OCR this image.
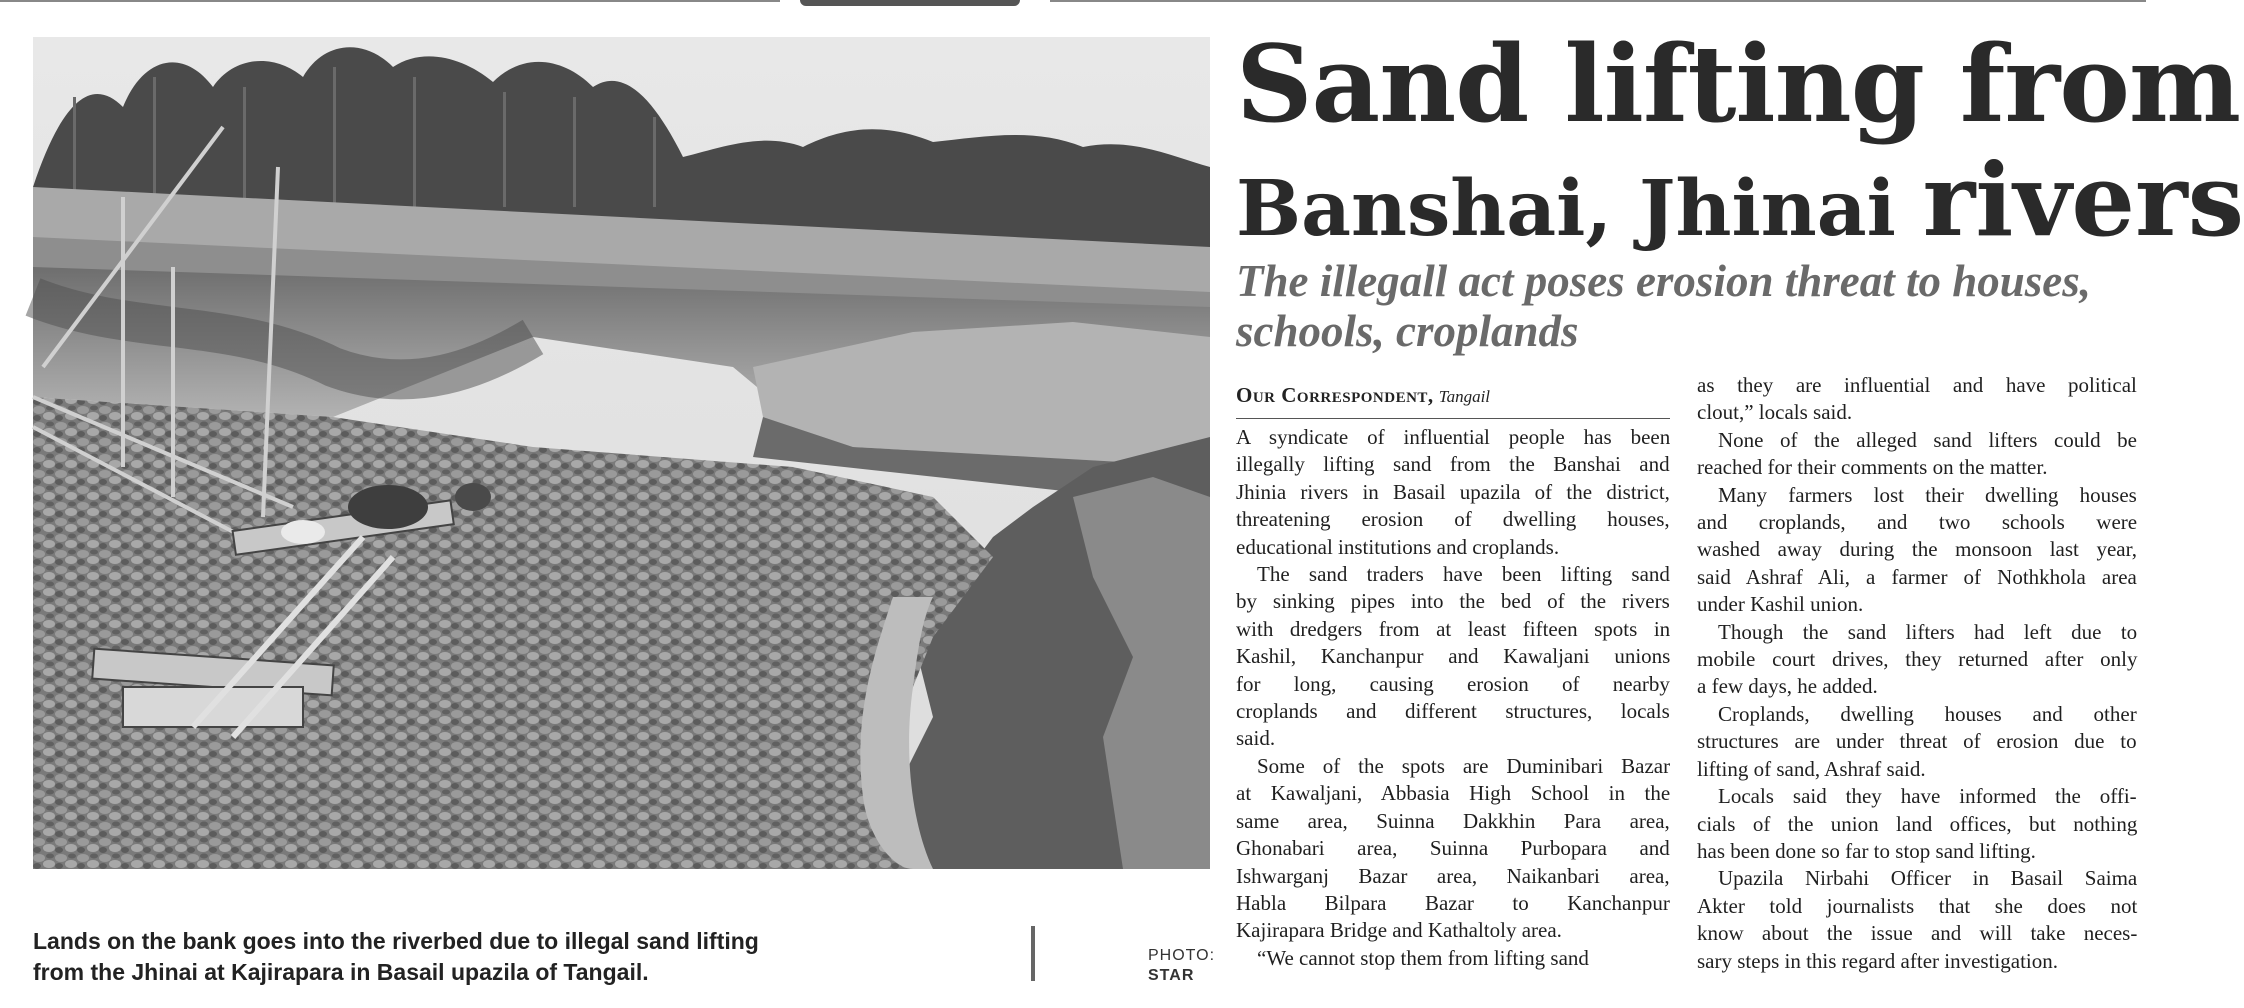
Lands on the bank goes into the riverbed due to illegal sand lifting
from the Jhinai at Kajirapara in Basail upazila of Tangail.
PHOTO:
STAR
Sand lifting from
Banshai, Jhinai rivers
The illegall act poses erosion threat to houses,
schools, croplands
Our Correspondent, Tangail
A syndicate of influential people has been
illegally lifting sand from the Banshai and
Jhinia rivers in Basail upazila of the district,
threatening erosion of dwelling houses,
educational institutions and croplands.
 The sand traders have been lifting sand
by sinking pipes into the bed of the rivers
with dredgers from at least fifteen spots in
Kashil, Kanchanpur and Kawaljani unions
for long, causing erosion of nearby
croplands and different structures, locals
said.
 Some of the spots are Duminibari Bazar
at Kawaljani, Abbasia High School in the
same area, Suinna Dakkhin Para area,
Ghonabari area, Suinna Purbopara and
Ishwarganj Bazar area, Naikanbari area,
Habla Bilpara Bazar to Kanchanpur
Kajirapara Bridge and Kathaltoly area.
 “We cannot stop them from lifting sand
as they are influential and have political
clout,” locals said.
 None of the alleged sand lifters could be
reached for their comments on the matter.
 Many farmers lost their dwelling houses
and croplands, and two schools were
washed away during the monsoon last year,
said Ashraf Ali, a farmer of Nothkhola area
under Kashil union.
 Though the sand lifters had left due to
mobile court drives, they returned after only
a few days, he added.
 Croplands, dwelling houses and other
structures are under threat of erosion due to
lifting of sand, Ashraf said.
 Locals said they have informed the offi-
cials of the union land offices, but nothing
has been done so far to stop sand lifting.
 Upazila Nirbahi Officer in Basail Saima
Akter told journalists that she does not
know about the issue and will take neces-
sary steps in this regard after investigation.
